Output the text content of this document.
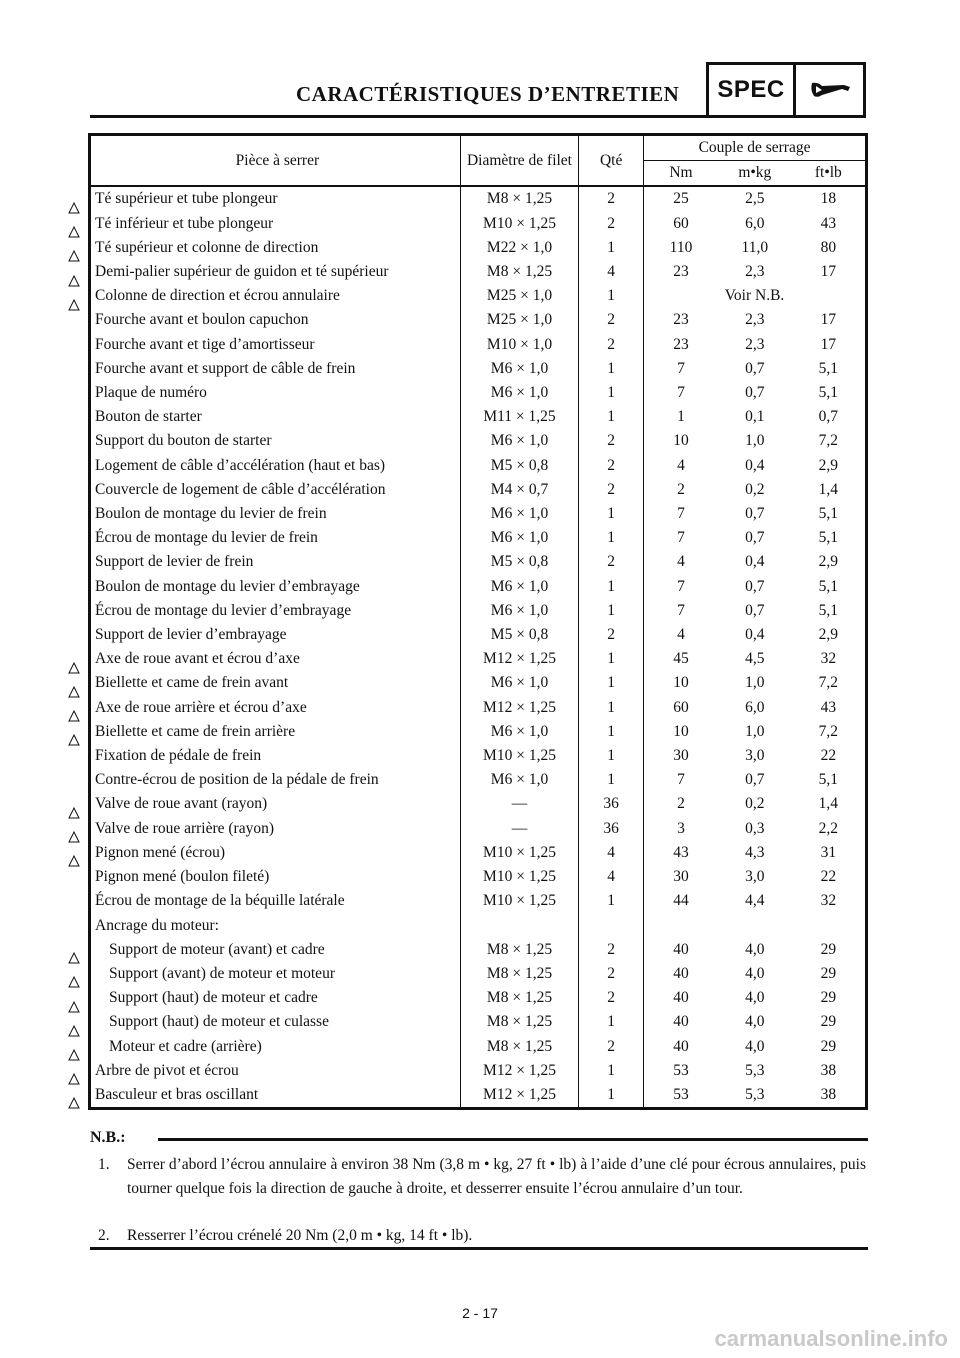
CARACTÉRISTIQUES D’ENTRETIEN	SPEC
Pièce à serrer	Diamètre de filet	Qté	Couple de serrage		
			Nm	m•kg	ft•lb
Té supérieur et tube plongeur	M8 × 1,25	2	25	2,5	18
Té inférieur et tube plongeur	M10 × 1,25	2	60	6,0	43
Té supérieur et colonne de direction	M22 × 1,0	1	110	11,0	80
Demi-palier supérieur de guidon et té supérieur	M8 × 1,25	4	23	2,3	17
Colonne de direction et écrou annulaire	M25 × 1,0	1	Voir N.B.		
Fourche avant et boulon capuchon	M25 × 1,0	2	23	2,3	17
Fourche avant et tige d’amortisseur	M10 × 1,0	2	23	2,3	17
Fourche avant et support de câble de frein	M6 × 1,0	1	7	0,7	5,1
Plaque de numéro	M6 × 1,0	1	7	0,7	5,1
Bouton de starter	M11 × 1,25	1	1	0,1	0,7
Support du bouton de starter	M6 × 1,0	2	10	1,0	7,2
Logement de câble d’accélération (haut et bas)	M5 × 0,8	2	4	0,4	2,9
Couvercle de logement de câble d’accélération	M4 × 0,7	2	2	0,2	1,4
Boulon de montage du levier de frein	M6 × 1,0	1	7	0,7	5,1
Écrou de montage du levier de frein	M6 × 1,0	1	7	0,7	5,1
Support de levier de frein	M5 × 0,8	2	4	0,4	2,9
Boulon de montage du levier d’embrayage	M6 × 1,0	1	7	0,7	5,1
Écrou de montage du levier d’embrayage	M6 × 1,0	1	7	0,7	5,1
Support de levier d’embrayage	M5 × 0,8	2	4	0,4	2,9
Axe de roue avant et écrou d’axe	M12 × 1,25	1	45	4,5	32
Biellette et came de frein avant	M6 × 1,0	1	10	1,0	7,2
Axe de roue arrière et écrou d’axe	M12 × 1,25	1	60	6,0	43
Biellette et came de frein arrière	M6 × 1,0	1	10	1,0	7,2
Fixation de pédale de frein	M10 × 1,25	1	30	3,0	22
Contre-écrou de position de la pédale de frein	M6 × 1,0	1	7	0,7	5,1
Valve de roue avant (rayon)	—	36	2	0,2	1,4
Valve de roue arrière (rayon)	—	36	3	0,3	2,2
Pignon mené (écrou)	M10 × 1,25	4	43	4,3	31
Pignon mené (boulon fileté)	M10 × 1,25	4	30	3,0	22
Écrou de montage de la béquille latérale	M10 × 1,25	1	44	4,4	32
Ancrage du moteur:					
Support de moteur (avant) et cadre	M8 × 1,25	2	40	4,0	29
Support (avant) de moteur et moteur	M8 × 1,25	2	40	4,0	29
Support (haut) de moteur et cadre	M8 × 1,25	2	40	4,0	29
Support (haut) de moteur et culasse	M8 × 1,25	1	40	4,0	29
Moteur et cadre (arrière)	M8 × 1,25	2	40	4,0	29
Arbre de pivot et écrou	M12 × 1,25	1	53	5,3	38
Basculeur et bras oscillant	M12 × 1,25	1	53	5,3	38
N.B.:
1. Serrer d’abord l’écrou annulaire à environ 38 Nm (3,8 m • kg, 27 ft • lb) à l’aide d’une clé pour écrous annulaires, puis tourner quelque fois la direction de gauche à droite, et desserrer ensuite l’écrou annulaire d’un tour.
2. Resserrer l’écrou crénelé 20 Nm (2,0 m • kg, 14 ft • lb).
2 - 17
carmanualsonline.info
